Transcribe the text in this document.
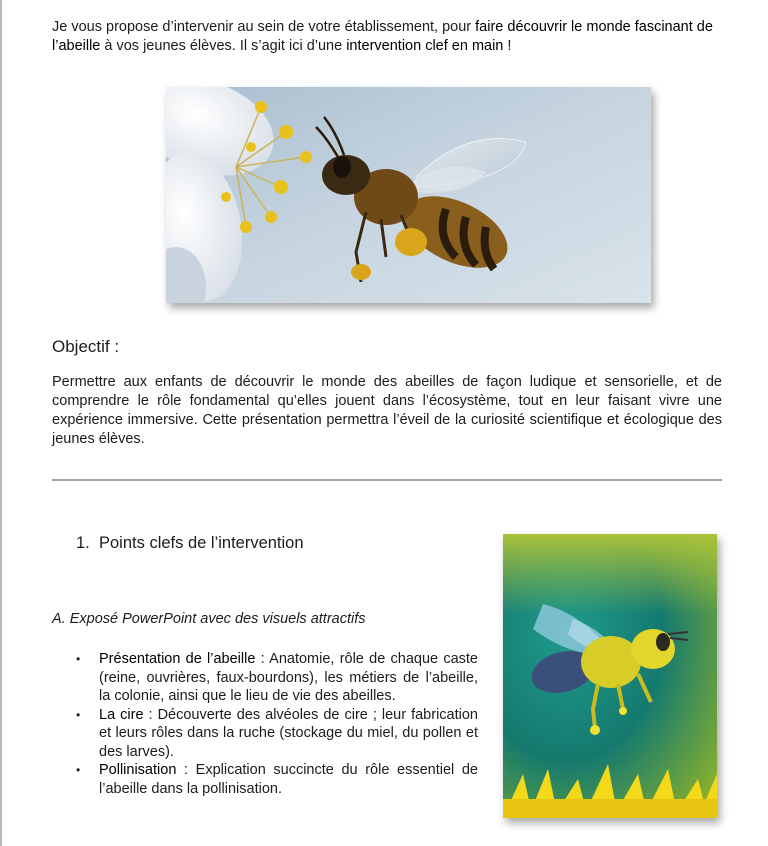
Je vous propose d’intervenir au sein de votre établissement, pour faire découvrir le monde fascinant de l’abeille à vos jeunes élèves. Il s’agit ici d’une intervention clef en main !

Objectif :

Permettre aux enfants de découvrir le monde des abeilles de façon ludique et sensorielle, et de comprendre le rôle fondamental qu’elles jouent dans l’écosystème, tout en leur faisant vivre une expérience immersive. Cette présentation permettra l’éveil de la curiosité scientifique et écologique des jeunes élèves.

1. Points clefs de l’intervention
A. Exposé PowerPoint avec des visuels attractifs
• Présentation de l’abeille : Anatomie, rôle de chaque caste (reine, ouvrières, faux-bourdons), les métiers de l’abeille, la colonie, ainsi que le lieu de vie des abeilles.
• La cire : Découverte des alvéoles de cire ; leur fabrication et leurs rôles dans la ruche (stockage du miel, du pollen et des larves).
• Pollinisation : Explication succincte du rôle essentiel de l’abeille dans la pollinisation.
